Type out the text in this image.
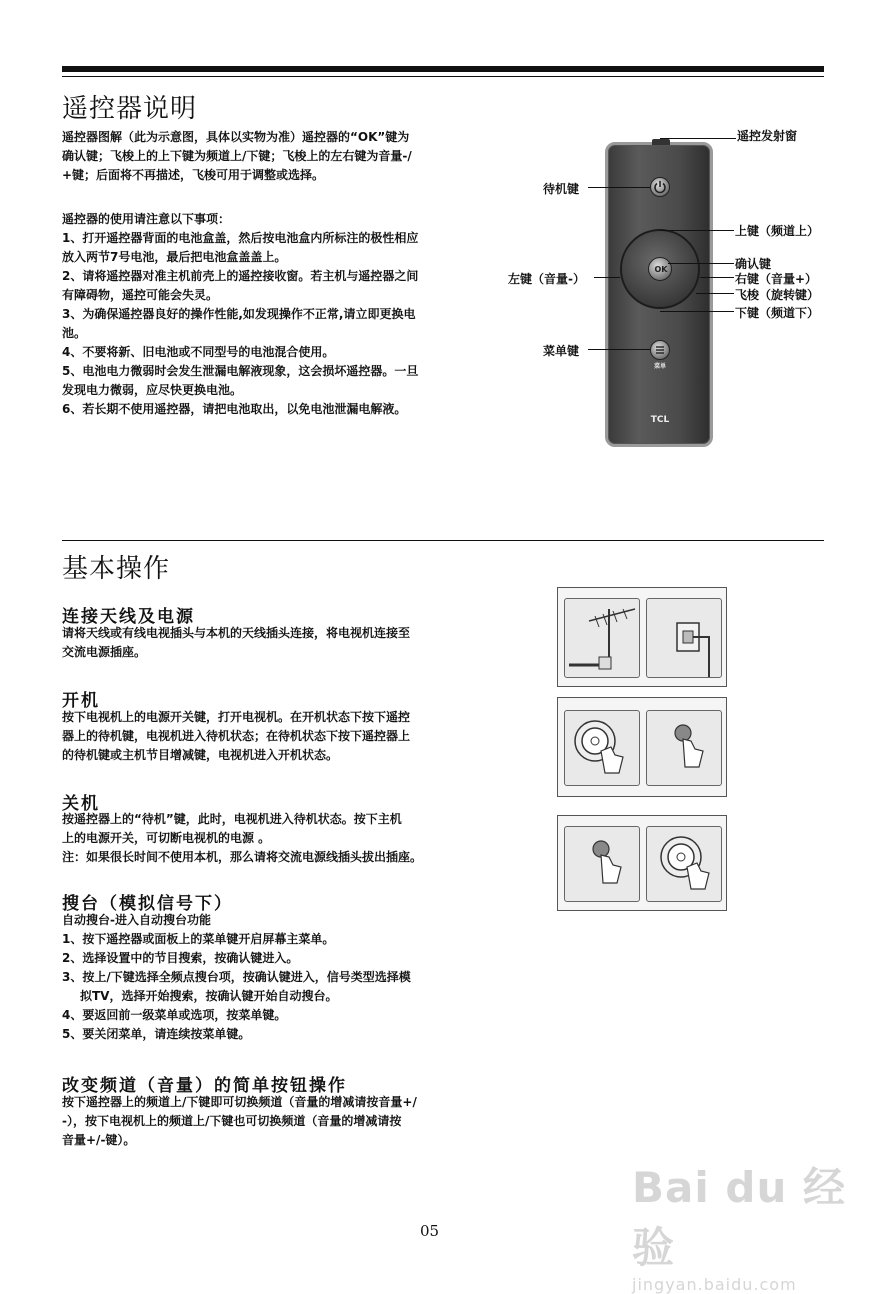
遥控器说明

遥控器图解（此为示意图，具体以实物为准）遥控器的“OK”键为

确认键；飞梭上的上下键为频道上/下键；飞梭上的左右键为音量-/

+键；后面将不再描述，飞梭可用于调整或选择。

遥控器的使用请注意以下事项：

1、打开遥控器背面的电池盒盖，然后按电池盒内所标注的极性相应

放入两节7号电池，最后把电池盒盖盖上。

2、请将遥控器对准主机前壳上的遥控接收窗。若主机与遥控器之间

有障碍物，遥控可能会失灵。

3、为确保遥控器良好的操作性能,如发现操作不正常,请立即更换电

池。

4、不要将新、旧电池或不同型号的电池混合使用。

5、电池电力微弱时会发生泄漏电解液现象，这会损坏遥控器。一旦

发现电力微弱，应尽快更换电池。

6、若长期不使用遥控器，请把电池取出，以免电池泄漏电解液。

OK
菜单
TCL
遥控发射窗
待机键
上键（频道上）
确认键
右键（音量+）
左键（音量-）
飞梭（旋转键）
下键（频道下）
菜单键
基本操作
连接天线及电源

请将天线或有线电视插头与本机的天线插头连接，将电视机连接至

交流电源插座。

开机

按下电视机上的电源开关键，打开电视机。在开机状态下按下遥控

器上的待机键，电视机进入待机状态；在待机状态下按下遥控器上

的待机键或主机节目增减键，电视机进入开机状态。

关机

按遥控器上的“待机”键，此时，电视机进入待机状态。按下主机

上的电源开关，可切断电视机的电源 。

注：如果很长时间不使用本机，那么请将交流电源线插头拔出插座。

搜台（模拟信号下）

自动搜台-进入自动搜台功能

1、按下遥控器或面板上的菜单键开启屏幕主菜单。

2、选择设置中的节目搜索，按确认键进入。

3、按上/下键选择全频点搜台项，按确认键进入，信号类型选择模

拟TV，选择开始搜索，按确认键开始自动搜台。

4、要返回前一级菜单或选项，按菜单键。

5、要关闭菜单，请连续按菜单键。

改变频道（音量）的简单按钮操作

按下遥控器上的频道上/下键即可切换频道（音量的增减请按音量+/

-），按下电视机上的频道上/下键也可切换频道（音量的增减请按

音量+/-键）。

05
Bai du 经验
jingyan.baidu.com
